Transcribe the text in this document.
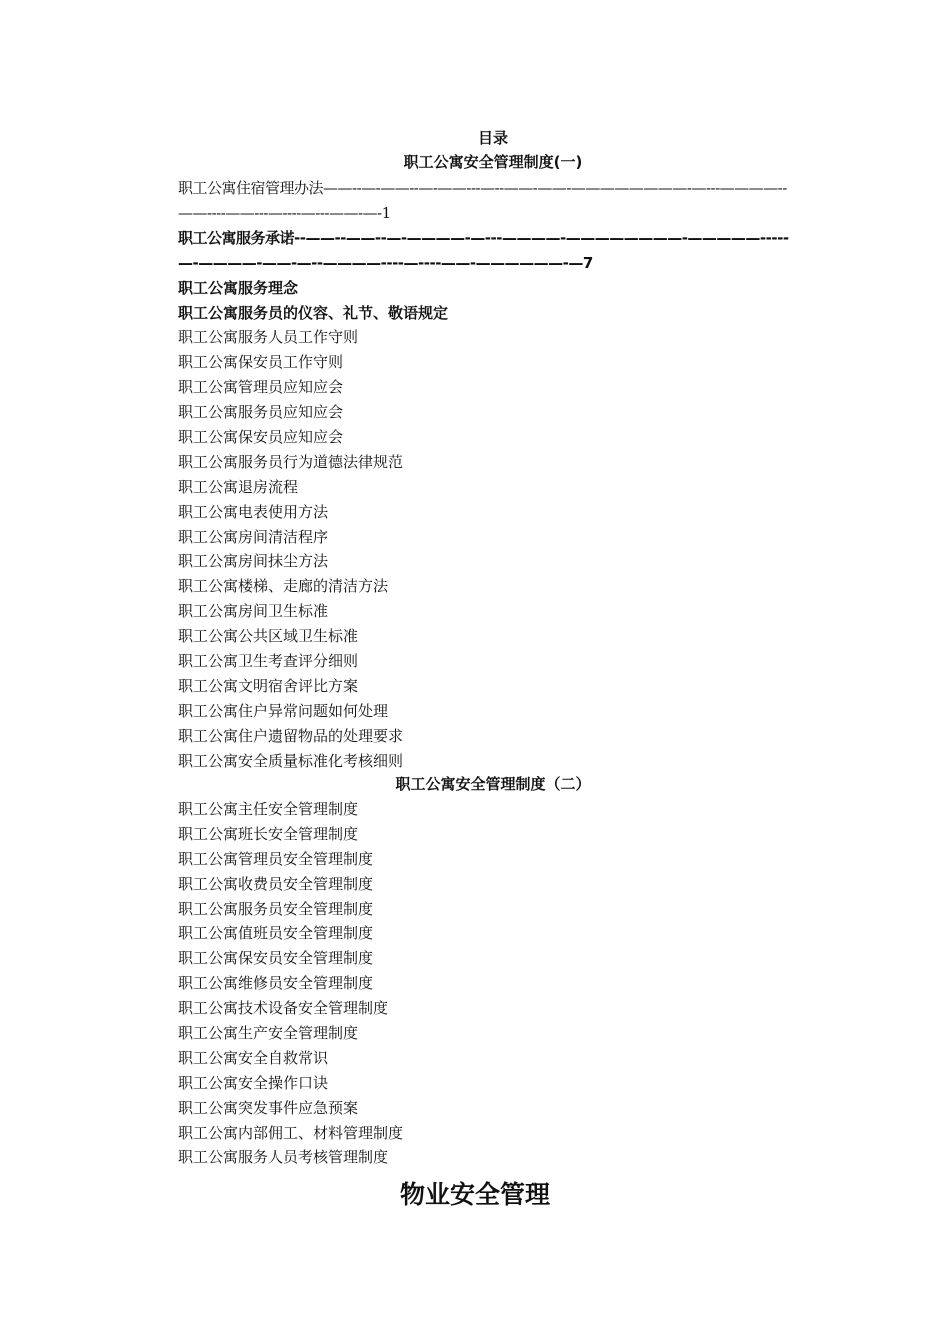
目录
职工公寓安全管理制度(一)
职工公寓住宿管理办法——--—-——--—-——---—--——-——-————————-—---————--——----——---—----—---——-—-1
职工公寓服务承诺--——--——--—-————-—---————-————————-—————-----—-————-——-—--————----—----——-——————-—7
职工公寓服务理念
职工公寓服务员的仪容、礼节、敬语规定
职工公寓服务人员工作守则
职工公寓保安员工作守则
职工公寓管理员应知应会
职工公寓服务员应知应会
职工公寓保安员应知应会
职工公寓服务员行为道德法律规范
职工公寓退房流程
职工公寓电表使用方法
职工公寓房间清洁程序
职工公寓房间抹尘方法
职工公寓楼梯、走廊的清洁方法
职工公寓房间卫生标准
职工公寓公共区域卫生标准
职工公寓卫生考查评分细则
职工公寓文明宿舍评比方案
职工公寓住户异常问题如何处理
职工公寓住户遗留物品的处理要求
职工公寓安全质量标准化考核细则
职工公寓安全管理制度（二）
职工公寓主任安全管理制度
职工公寓班长安全管理制度
职工公寓管理员安全管理制度
职工公寓收费员安全管理制度
职工公寓服务员安全管理制度
职工公寓值班员安全管理制度
职工公寓保安员安全管理制度
职工公寓维修员安全管理制度
职工公寓技术设备安全管理制度
职工公寓生产安全管理制度
职工公寓安全自救常识
职工公寓安全操作口诀
职工公寓突发事件应急预案
职工公寓内部佣工、材料管理制度
职工公寓服务人员考核管理制度
物业安全管理
